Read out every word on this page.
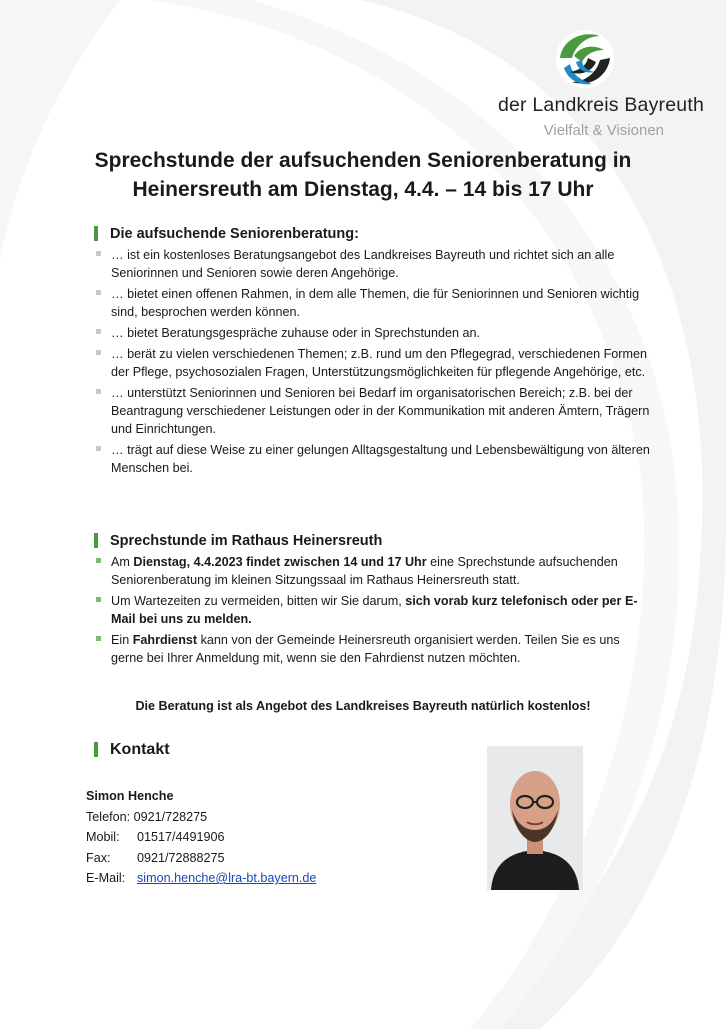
der Landkreis Bayreuth
Vielfalt & Visionen
Sprechstunde der aufsuchenden Seniorenberatung in
Heinersreuth am Dienstag, 4.4. – 14 bis 17 Uhr
Die aufsuchende Seniorenberatung:
… ist ein kostenloses Beratungsangebot des Landkreises Bayreuth und richtet sich an alle Seniorinnen und Senioren sowie deren Angehörige.
… bietet einen offenen Rahmen, in dem alle Themen, die für Seniorinnen und Senioren wichtig sind, besprochen werden können.
… bietet Beratungsgespräche zuhause oder in Sprechstunden an.
… berät zu vielen verschiedenen Themen; z.B. rund um den Pflegegrad, verschiedenen Formen der Pflege, psychosozialen Fragen, Unterstützungsmöglichkeiten für pflegende Angehörige, etc.
… unterstützt Seniorinnen und Senioren bei Bedarf im organisatorischen Bereich; z.B. bei der Beantragung verschiedener Leistungen oder in der Kommunikation mit anderen Ämtern, Trägern und Einrichtungen.
… trägt auf diese Weise zu einer gelungen Alltagsgestaltung und Lebensbewältigung von älteren Menschen bei.
Sprechstunde im Rathaus Heinersreuth
Am Dienstag, 4.4.2023 findet zwischen 14 und 17 Uhr eine Sprechstunde aufsuchenden Seniorenberatung im kleinen Sitzungssaal im Rathaus Heinersreuth statt.
Um Wartezeiten zu vermeiden, bitten wir Sie darum, sich vorab kurz telefonisch oder per E-Mail bei uns zu melden.
Ein Fahrdienst kann von der Gemeinde Heinersreuth organisiert werden. Teilen Sie es uns gerne bei Ihrer Anmeldung mit, wenn sie den Fahrdienst nutzen möchten.
Die Beratung ist als Angebot des Landkreises Bayreuth natürlich kostenlos!
Kontakt
Simon Henche
Telefon: 0921/728275
Mobil: 01517/4491906
Fax: 0921/72888275
E-Mail: simon.henche@lra-bt.bayern.de
